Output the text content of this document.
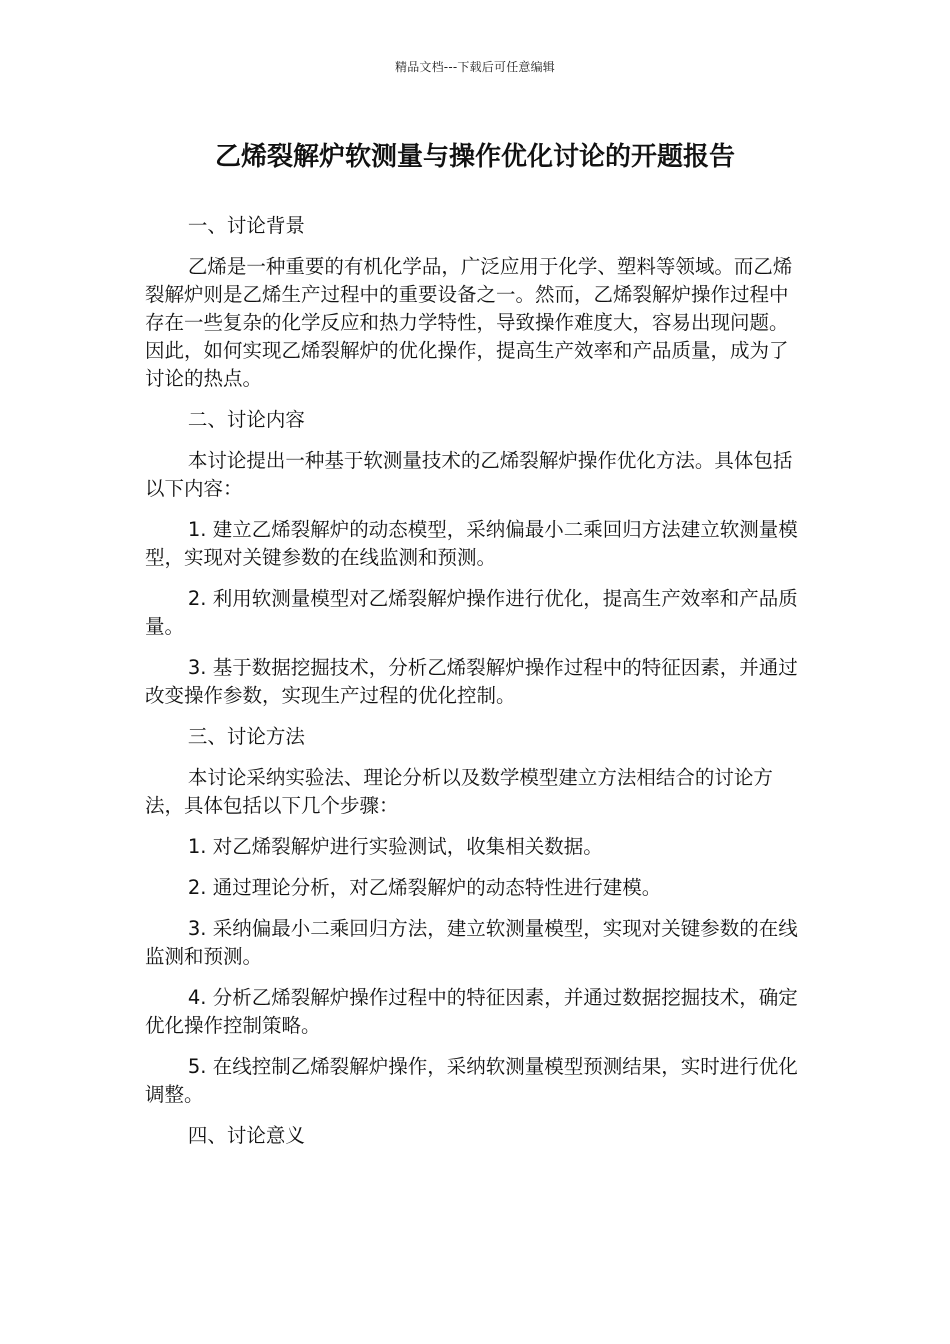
精品文档---下载后可任意编辑
乙烯裂解炉软测量与操作优化讨论的开题报告

一、讨论背景

乙烯是一种重要的有机化学品，广泛应用于化学、塑料等领域。而乙烯裂解炉则是乙烯生产过程中的重要设备之一。然而，乙烯裂解炉操作过程中存在一些复杂的化学反应和热力学特性，导致操作难度大，容易出现问题。因此，如何实现乙烯裂解炉的优化操作，提高生产效率和产品质量，成为了讨论的热点。

二、讨论内容

本讨论提出一种基于软测量技术的乙烯裂解炉操作优化方法。具体包括以下内容：

1. 建立乙烯裂解炉的动态模型，采纳偏最小二乘回归方法建立软测量模型，实现对关键参数的在线监测和预测。

2. 利用软测量模型对乙烯裂解炉操作进行优化，提高生产效率和产品质量。

3. 基于数据挖掘技术，分析乙烯裂解炉操作过程中的特征因素，并通过改变操作参数，实现生产过程的优化控制。

三、讨论方法

本讨论采纳实验法、理论分析以及数学模型建立方法相结合的讨论方法，具体包括以下几个步骤：

1. 对乙烯裂解炉进行实验测试，收集相关数据。

2. 通过理论分析，对乙烯裂解炉的动态特性进行建模。

3. 采纳偏最小二乘回归方法，建立软测量模型，实现对关键参数的在线监测和预测。

4. 分析乙烯裂解炉操作过程中的特征因素，并通过数据挖掘技术，确定优化操作控制策略。

5. 在线控制乙烯裂解炉操作，采纳软测量模型预测结果，实时进行优化调整。

四、讨论意义
